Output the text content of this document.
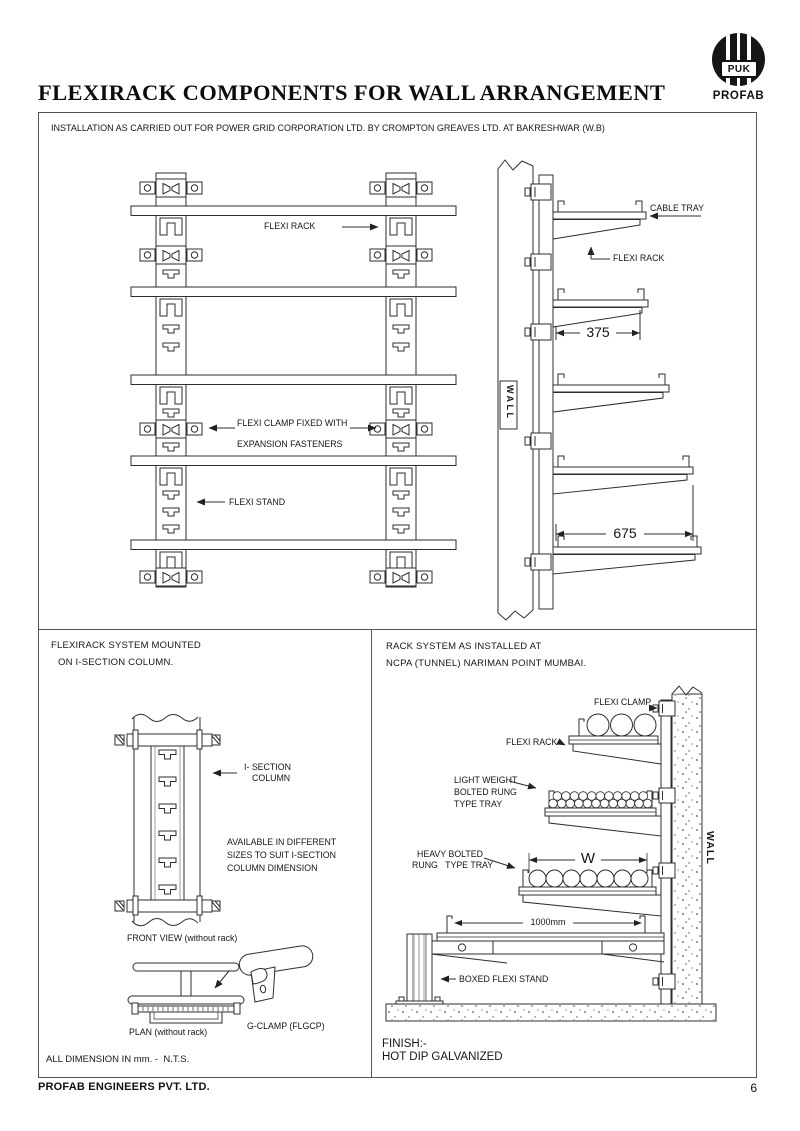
PUK
PROFAB
FLEXIRACK COMPONENTS FOR WALL ARRANGEMENT
INSTALLATION AS CARRIED OUT FOR POWER GRID CORPORATION LTD. BY CROMPTON GREAVES LTD. AT BAKRESHWAR (W.B)
FLEXI RACK
FLEXI CLAMP FIXED WITH
EXPANSION FASTENERS
FLEXI STAND
CABLE TRAY
FLEXI RACK
WALL
375
675
FLEXIRACK SYSTEM MOUNTED
ON I-SECTION COLUMN.
I- SECTION
COLUMN
AVAILABLE IN DIFFERENT
SIZES TO SUIT I-SECTION
COLUMN DIMENSION
FRONT VIEW (without rack)
PLAN (without rack)
G-CLAMP (FLGCP)
ALL DIMENSION IN mm. -  N.T.S.
RACK SYSTEM AS INSTALLED AT
NCPA (TUNNEL) NARIMAN POINT MUMBAI.
FLEXI CLAMP
FLEXI RACK
LIGHT WEIGHT
BOLTED RUNG
TYPE TRAY
HEAVY BOLTED
RUNG   TYPE TRAY	W
1000mm
BOXED FLEXI STAND
WALL
FINISH:-
HOT DIP GALVANIZED
PROFAB ENGINEERS PVT. LTD.	6
